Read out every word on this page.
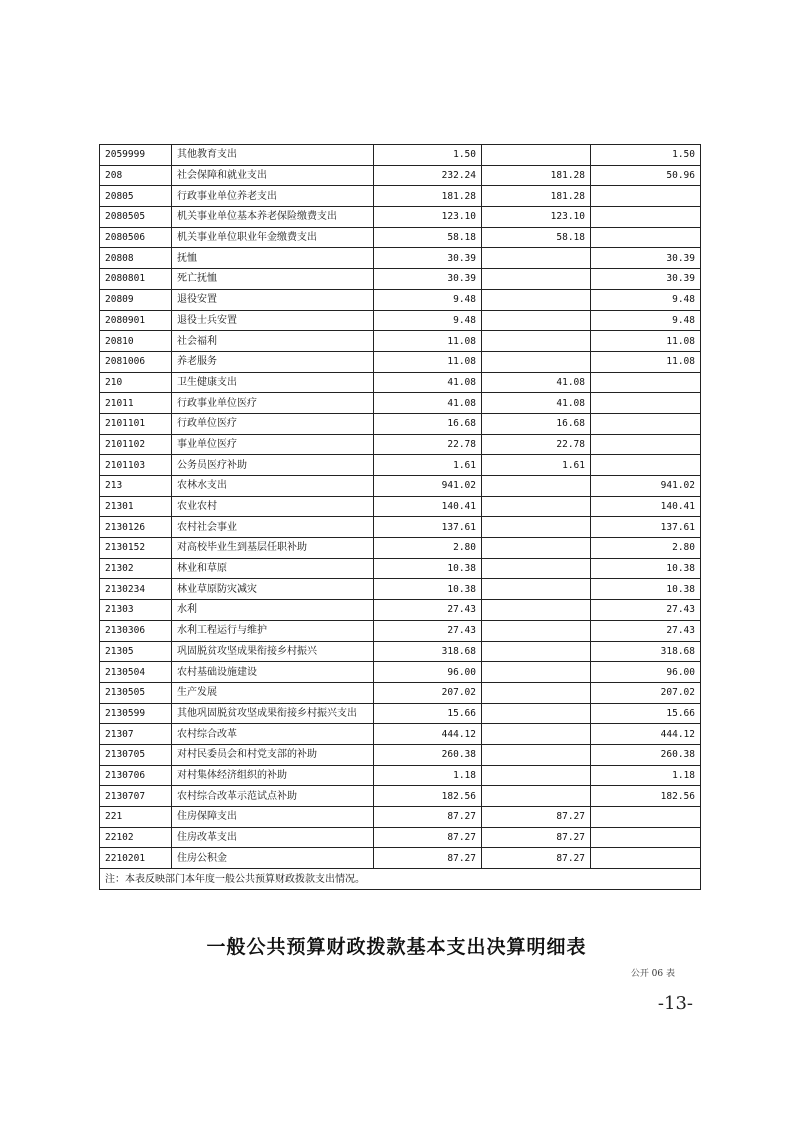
2059999	其他教育支出	1.50		1.50
208	社会保障和就业支出	232.24	181.28	50.96
20805	行政事业单位养老支出	181.28	181.28	
2080505	机关事业单位基本养老保险缴费支出	123.10	123.10	
2080506	机关事业单位职业年金缴费支出	58.18	58.18	
20808	抚恤	30.39		30.39
2080801	死亡抚恤	30.39		30.39
20809	退役安置	9.48		9.48
2080901	退役士兵安置	9.48		9.48
20810	社会福利	11.08		11.08
2081006	养老服务	11.08		11.08
210	卫生健康支出	41.08	41.08	
21011	行政事业单位医疗	41.08	41.08	
2101101	行政单位医疗	16.68	16.68	
2101102	事业单位医疗	22.78	22.78	
2101103	公务员医疗补助	1.61	1.61	
213	农林水支出	941.02		941.02
21301	农业农村	140.41		140.41
2130126	农村社会事业	137.61		137.61
2130152	对高校毕业生到基层任职补助	2.80		2.80
21302	林业和草原	10.38		10.38
2130234	林业草原防灾减灾	10.38		10.38
21303	水利	27.43		27.43
2130306	水利工程运行与维护	27.43		27.43
21305	巩固脱贫攻坚成果衔接乡村振兴	318.68		318.68
2130504	农村基础设施建设	96.00		96.00
2130505	生产发展	207.02		207.02
2130599	其他巩固脱贫攻坚成果衔接乡村振兴支出	15.66		15.66
21307	农村综合改革	444.12		444.12
2130705	对村民委员会和村党支部的补助	260.38		260.38
2130706	对村集体经济组织的补助	1.18		1.18
2130707	农村综合改革示范试点补助	182.56		182.56
221	住房保障支出	87.27	87.27	
22102	住房改革支出	87.27	87.27	
2210201	住房公积金	87.27	87.27	
注：本表反映部门本年度一般公共预算财政拨款支出情况。				
一般公共预算财政拨款基本支出决算明细表
公开 06 表
-13-
